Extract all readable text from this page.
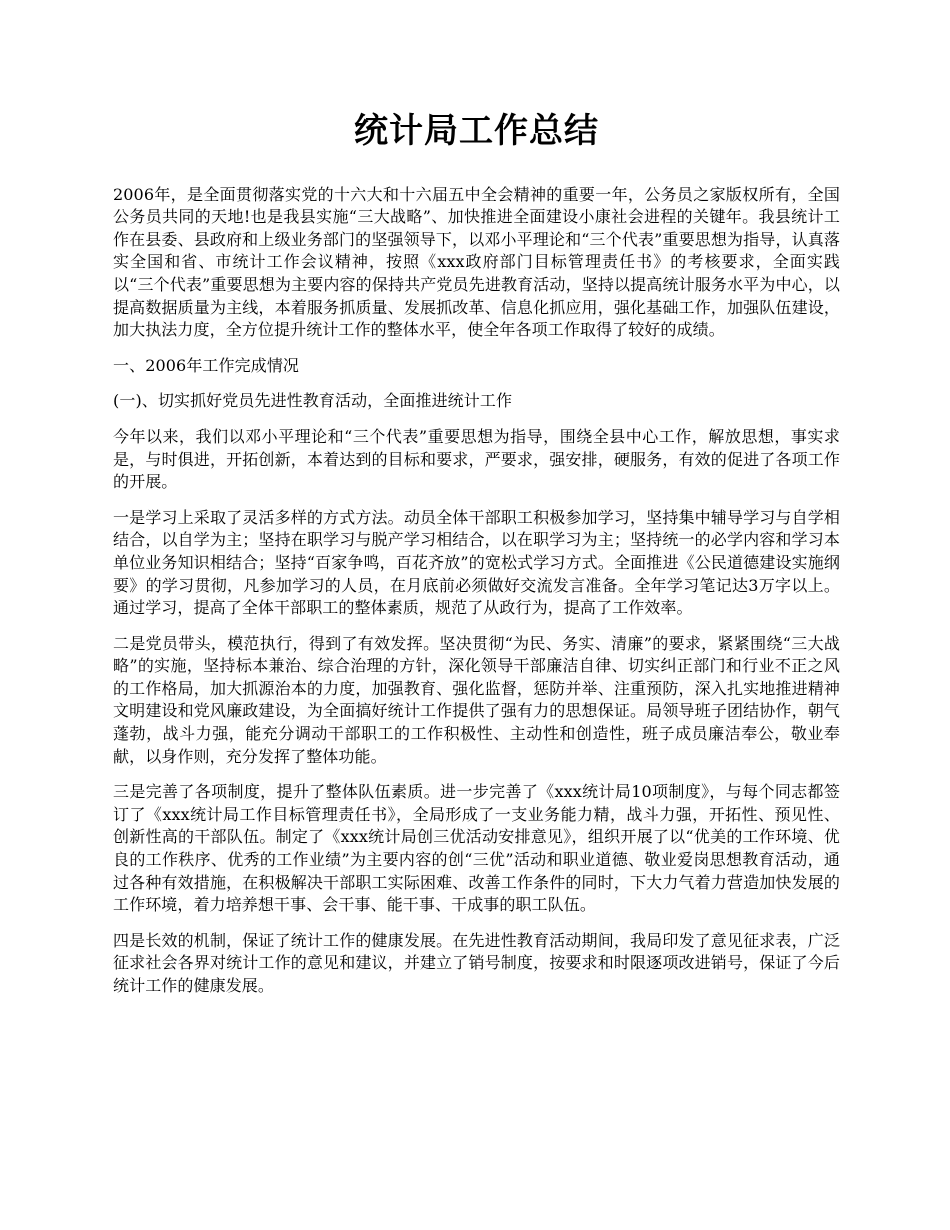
统计局工作总结

2006年，是全面贯彻落实党的十六大和十六届五中全会精神的重要一年，公务员之家版权所有，全国公务员共同的天地!也是我县实施“三大战略”、加快推进全面建设小康社会进程的关键年。我县统计工作在县委、县政府和上级业务部门的坚强领导下，以邓小平理论和“三个代表”重要思想为指导，认真落实全国和省、市统计工作会议精神，按照《xxx政府部门目标管理责任书》的考核要求，全面实践以“三个代表”重要思想为主要内容的保持共产党员先进教育活动，坚持以提高统计服务水平为中心，以提高数据质量为主线，本着服务抓质量、发展抓改革、信息化抓应用，强化基础工作，加强队伍建设，加大执法力度，全方位提升统计工作的整体水平，使全年各项工作取得了较好的成绩。

一、2006年工作完成情况

(一)、切实抓好党员先进性教育活动，全面推进统计工作

今年以来，我们以邓小平理论和“三个代表”重要思想为指导，围绕全县中心工作，解放思想，事实求是，与时俱进，开拓创新，本着达到的目标和要求，严要求，强安排，硬服务，有效的促进了各项工作的开展。

一是学习上采取了灵活多样的方式方法。动员全体干部职工积极参加学习，坚持集中辅导学习与自学相结合，以自学为主；坚持在职学习与脱产学习相结合，以在职学习为主；坚持统一的必学内容和学习本单位业务知识相结合；坚持“百家争鸣，百花齐放”的宽松式学习方式。全面推进《公民道德建设实施纲要》的学习贯彻，凡参加学习的人员，在月底前必须做好交流发言准备。全年学习笔记达3万字以上。通过学习，提高了全体干部职工的整体素质，规范了从政行为，提高了工作效率。

二是党员带头，模范执行，得到了有效发挥。坚决贯彻“为民、务实、清廉”的要求，紧紧围绕“三大战略”的实施，坚持标本兼治、综合治理的方针，深化领导干部廉洁自律、切实纠正部门和行业不正之风的工作格局，加大抓源治本的力度，加强教育、强化监督，惩防并举、注重预防，深入扎实地推进精神文明建设和党风廉政建设，为全面搞好统计工作提供了强有力的思想保证。局领导班子团结协作，朝气蓬勃，战斗力强，能充分调动干部职工的工作积极性、主动性和创造性，班子成员廉洁奉公，敬业奉献，以身作则，充分发挥了整体功能。

三是完善了各项制度，提升了整体队伍素质。进一步完善了《xxx统计局10项制度》，与每个同志都签订了《xxx统计局工作目标管理责任书》，全局形成了一支业务能力精，战斗力强，开拓性、预见性、创新性高的干部队伍。制定了《xxx统计局创三优活动安排意见》，组织开展了以“优美的工作环境、优良的工作秩序、优秀的工作业绩”为主要内容的创“三优”活动和职业道德、敬业爱岗思想教育活动，通过各种有效措施，在积极解决干部职工实际困难、改善工作条件的同时，下大力气着力营造加快发展的工作环境，着力培养想干事、会干事、能干事、干成事的职工队伍。

四是长效的机制，保证了统计工作的健康发展。在先进性教育活动期间，我局印发了意见征求表，广泛征求社会各界对统计工作的意见和建议，并建立了销号制度，按要求和时限逐项改进销号，保证了今后统计工作的健康发展。
